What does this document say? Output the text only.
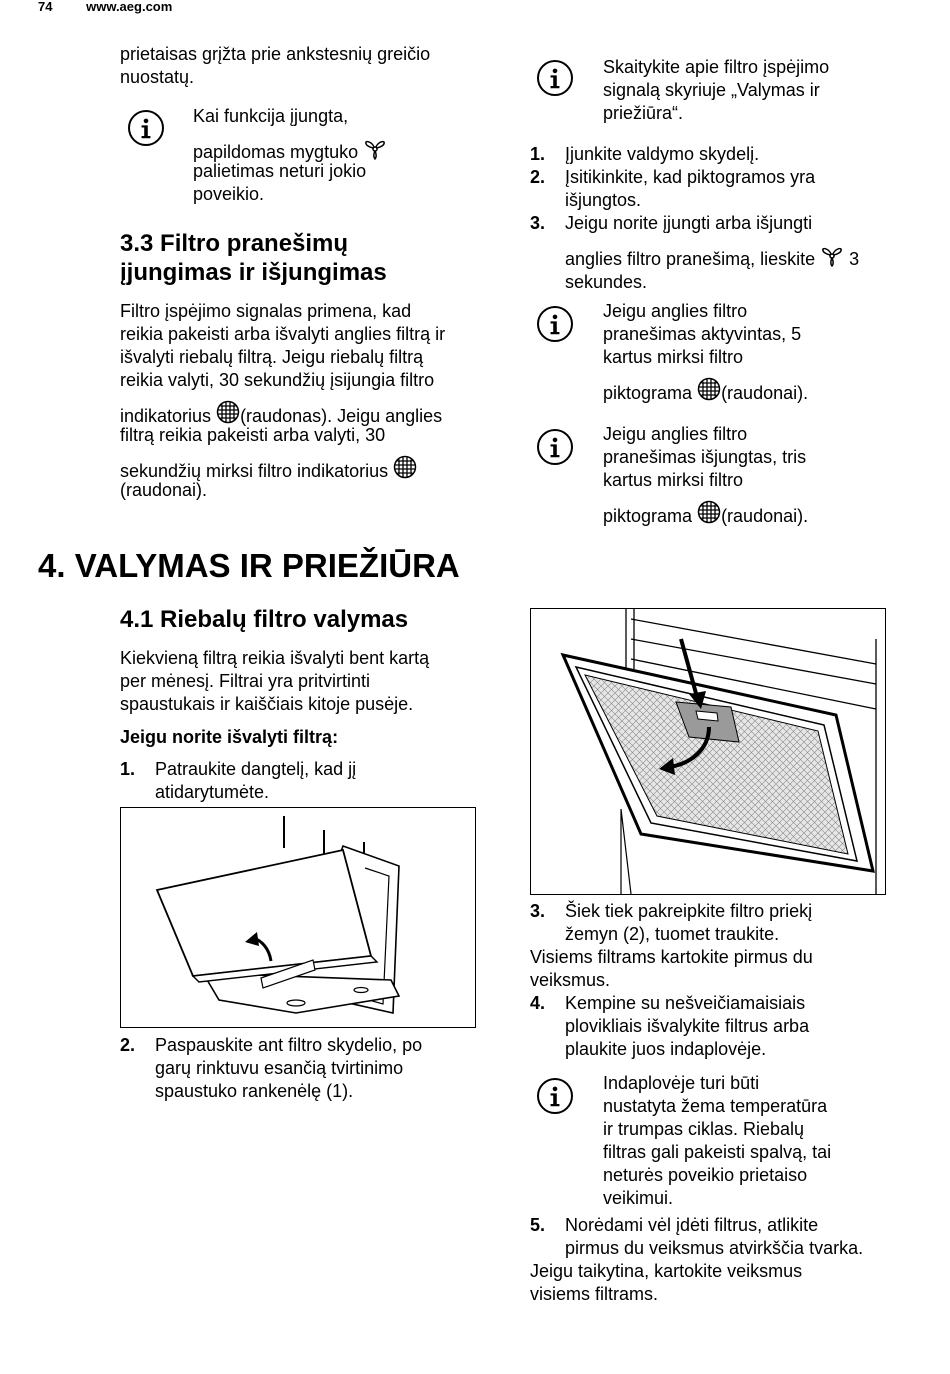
74	www.aeg.com

prietaisas grįžta prie ankstesnių greičio nuostatų.

Kai funkcija įjungta,

papildomas mygtuko

palietimas neturi jokio

poveikio.

3.3 Filtro pranešimų

įjungimas ir išjungimas

Filtro įspėjimo signalas primena, kad

reikia pakeisti arba išvalyti anglies filtrą ir

išvalyti riebalų filtrą. Jeigu riebalų filtrą

reikia valyti, 30 sekundžių įsijungia filtro

indikatorius (raudonas). Jeigu anglies

filtrą reikia pakeisti arba valyti, 30

sekundžių mirksi filtro indikatorius

(raudonai).

Skaitykite apie filtro įspėjimo

signalą skyriuje „Valymas ir

priežiūra“.

1. Įjunkite valdymo skydelį.
2. Įsitikinkite, kad piktogramos yra
išjungtos.
3. Jeigu norite įjungti arba išjungti
anglies filtro pranešimą, lieskite 3
sekundes.

Jeigu anglies filtro

pranešimas aktyvintas, 5

kartus mirksi filtro

piktograma (raudonai).

Jeigu anglies filtro

pranešimas išjungtas, tris

kartus mirksi filtro

piktograma (raudonai).

4. VALYMAS IR PRIEŽIŪRA
4.1 Riebalų filtro valymas

Kiekvieną filtrą reikia išvalyti bent kartą

per mėnesį. Filtrai yra pritvirtinti

spaustukais ir kaiščiais kitoje pusėje.

Jeigu norite išvalyti filtrą:
1. Patraukite dangtelį, kad jį
atidarytumėte.
2. Paspauskite ant filtro skydelio, po
garų rinktuvu esančią tvirtinimo
spaustuko rankenėlę (1).
3. Šiek tiek pakreipkite filtro priekį
žemyn (2), tuomet traukite.

Visiems filtrams kartokite pirmus du

veiksmus.

4. Kempine su nešveičiamaisiais
plovikliais išvalykite filtrus arba
plaukite juos indaplovėje.

Indaplovėje turi būti

nustatyta žema temperatūra

ir trumpas ciklas. Riebalų

filtras gali pakeisti spalvą, tai

neturės poveikio prietaiso

veikimui.

5. Norėdami vėl įdėti filtrus, atlikite
pirmus du veiksmus atvirkščia tvarka.

Jeigu taikytina, kartokite veiksmus

visiems filtrams.
